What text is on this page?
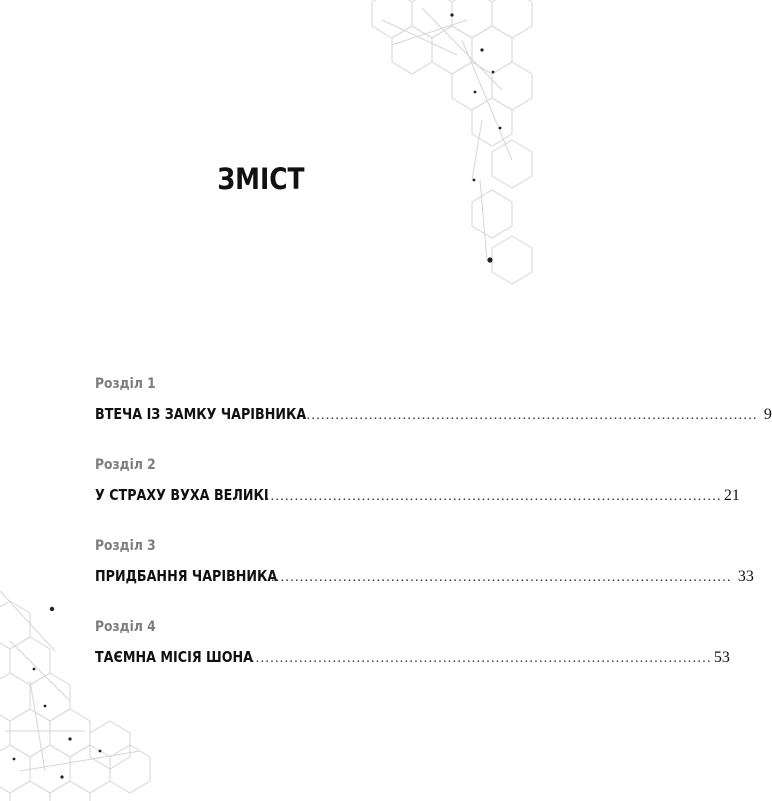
ЗМІСТ
Розділ 1
ВТЕЧА ІЗ ЗАМКУ ЧАРІВНИКА
................................................................................................ 9
Розділ 2
У СТРАХУ ВУХА ВЕЛИКІ
................................................................................................ 21
Розділ 3
ПРИДБАННЯ ЧАРІВНИКА
................................................................................................ 33
Розділ 4
ТАЄМНА МІСІЯ ШОНА
................................................................................................ 53
